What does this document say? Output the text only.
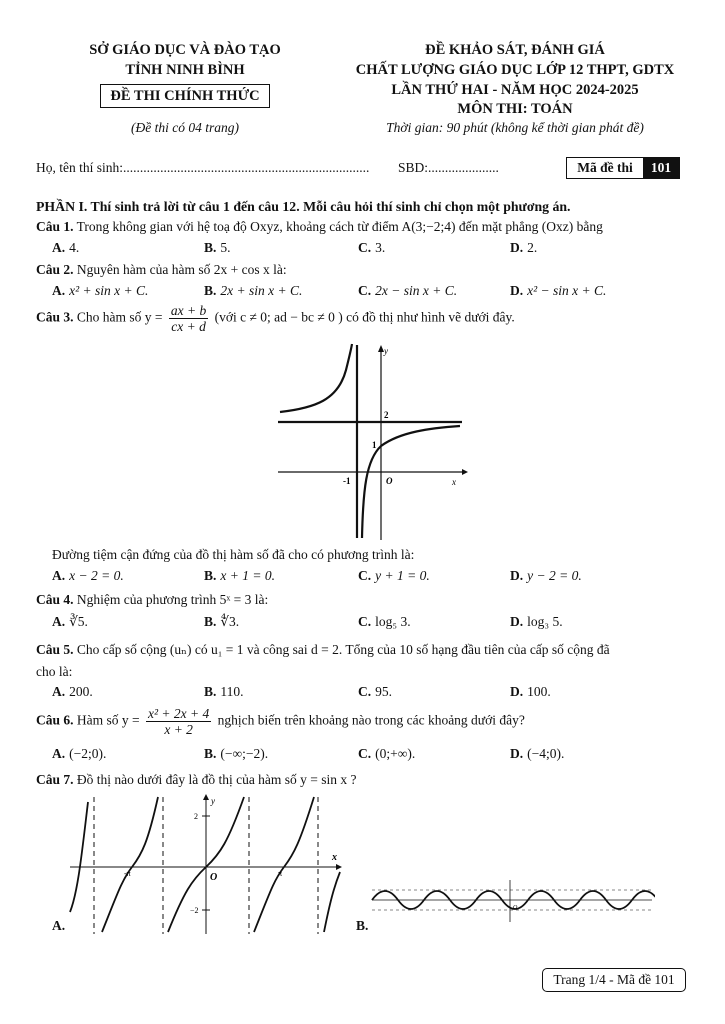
SỞ GIÁO DỤC VÀ ĐÀO TẠO
TỈNH NINH BÌNH
ĐỀ THI CHÍNH THỨC
(Đề thi có 04 trang)
ĐỀ KHẢO SÁT, ĐÁNH GIÁ
CHẤT LƯỢNG GIÁO DỤC LỚP 12 THPT, GDTX
LẦN THỨ HAI - NĂM HỌC 2024-2025
MÔN THI: TOÁN
Thời gian: 90 phút (không kể thời gian phát đề)
Họ, tên thí sinh:......................................................................... SBD:.....................	Mã đề thi	101
PHẦN I. Thí sinh trả lời từ câu 1 đến câu 12. Mỗi câu hỏi thí sinh chỉ chọn một phương án.
Câu 1. Trong không gian với hệ toạ độ Oxyz, khoảng cách từ điểm A(3;−2;4) đến mặt phẳng (Oxz) bằng
A. 4.	B. 5.	C. 3.	D. 2.
Câu 2. Nguyên hàm của hàm số 2x + cos x là:
A. x² + sin x + C.	B. 2x + sin x + C.	C. 2x − sin x + C.	D. x² − sin x + C.
Câu 3. Cho hàm số $y = \frac{ax + b}{cx + d}$ (với c ≠ 0; ad − bc ≠ 0 ) có đồ thị như hình vẽ dưới đây.
y
x
O
1
2
-1
Đường tiệm cận đứng của đồ thị hàm số đã cho có phương trình là:
A. x − 2 = 0.	B. x + 1 = 0.	C. y + 1 = 0.	D. y − 2 = 0.
Câu 4. Nghiệm của phương trình 5ˣ = 3 là:
A. ∛5.	B. ∜3.	C. log₅ 3.	D. log₃ 5.
Câu 5. Cho cấp số cộng (uₙ) có u₁ = 1 và công sai d = 2. Tổng của 10 số hạng đầu tiên của cấp số cộng đã
cho là:
A. 200.	B. 110.	C. 95.	D. 100.
Câu 6. Hàm số $y = \frac{\text{x² + 2x + 4}}{x + 2}$ nghịch biến trên khoảng nào trong các khoảng dưới đây?
A. (−2;0).	B. (−∞;−2).	C. (0;+∞).	D. (−4;0).
Câu 7. Đồ thị nào dưới đây là đồ thị của hàm số y = sin x ?
y
x
O
2
−2
-π	π
A.
O
B.
Trang 1/4 - Mã đề 101
